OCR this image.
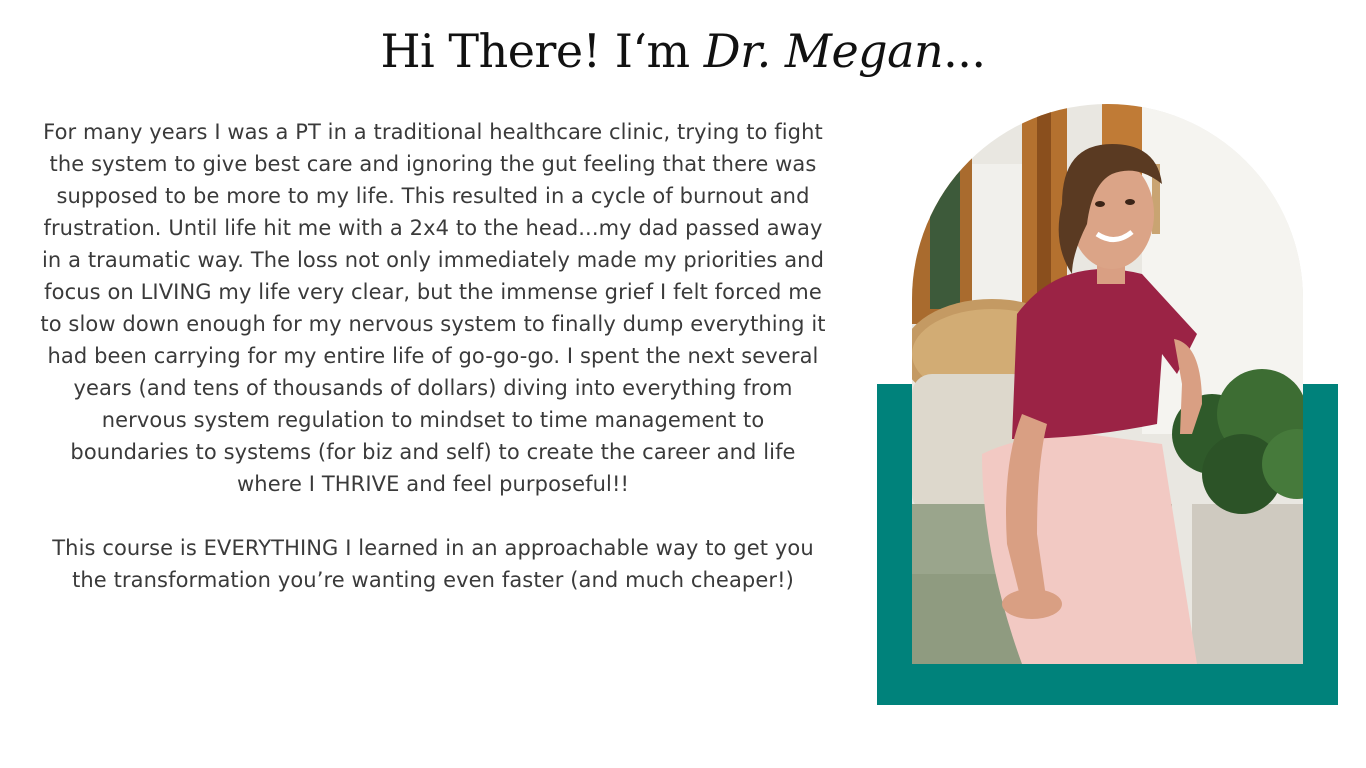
Hi There! I‘m Dr. Megan...

For many years I was a PT in a traditional healthcare clinic, trying to fight the system to give best care and ignoring the gut feeling that there was supposed to be more to my life. This resulted in a cycle of burnout and frustration. Until life hit me with a 2x4 to the head...my dad passed away in a traumatic way. The loss not only immediately made my priorities and focus on LIVING my life very clear, but the immense grief I felt forced me to slow down enough for my nervous system to finally dump everything it had been carrying for my entire life of go-go-go. I spent the next several years (and tens of thousands of dollars) diving into everything from nervous system regulation to mindset to time management to boundaries to systems (for biz and self) to create the career and life where I THRIVE and feel purposeful!!

This course is EVERYTHING I learned in an approachable way to get you the transformation you’re wanting even faster (and much cheaper!)
